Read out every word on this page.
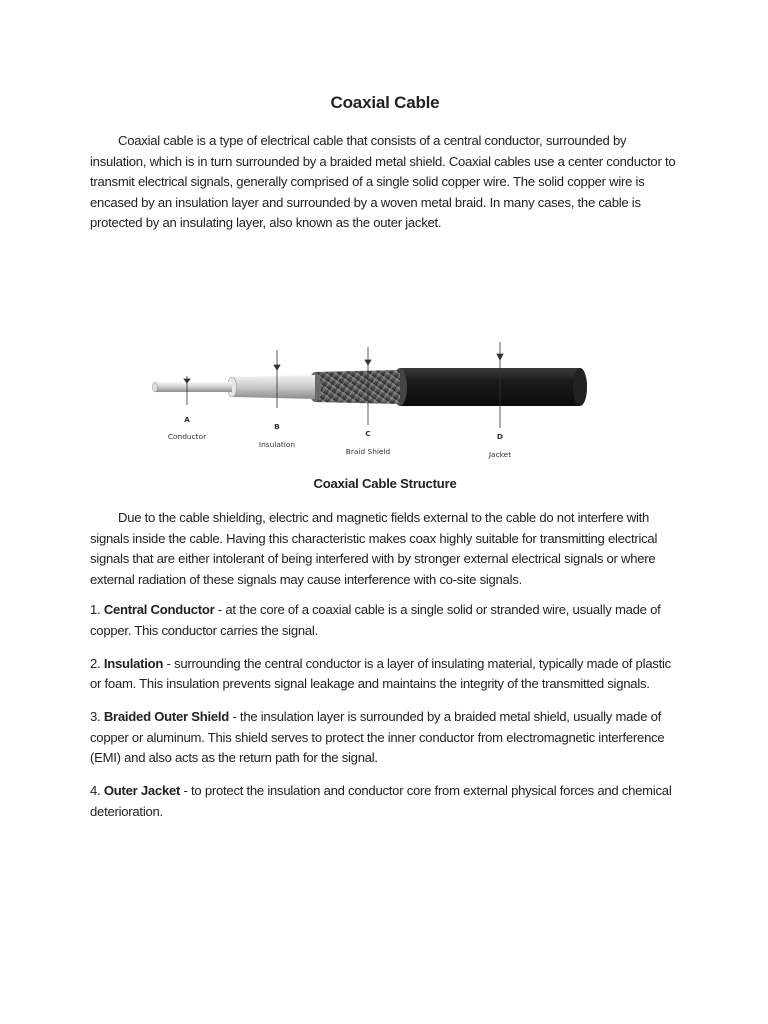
Coaxial Cable

Coaxial cable is a type of electrical cable that consists of a central conductor, surrounded by insulation, which is in turn surrounded by a braided metal shield. Coaxial cables use a center conductor to transmit electrical signals, generally comprised of a single solid copper wire. The solid copper wire is encased by an insulation layer and surrounded by a woven metal braid. In many cases, the cable is protected by an insulating layer, also known as the outer jacket.

A
Conductor
B
Insulation
C
Braid Shield
D
Jacket
Coaxial Cable Structure

Due to the cable shielding, electric and magnetic fields external to the cable do not interfere with signals inside the cable. Having this characteristic makes coax highly suitable for transmitting electrical signals that are either intolerant of being interfered with by stronger external electrical signals or where external radiation of these signals may cause interference with co-site signals.

1. Central Conductor - at the core of a coaxial cable is a single solid or stranded wire, usually made of copper. This conductor carries the signal.

2. Insulation - surrounding the central conductor is a layer of insulating material, typically made of plastic or foam. This insulation prevents signal leakage and maintains the integrity of the transmitted signals.

3. Braided Outer Shield - the insulation layer is surrounded by a braided metal shield, usually made of copper or aluminum. This shield serves to protect the inner conductor from electromagnetic interference (EMI) and also acts as the return path for the signal.

4. Outer Jacket - to protect the insulation and conductor core from external physical forces and chemical deterioration.
